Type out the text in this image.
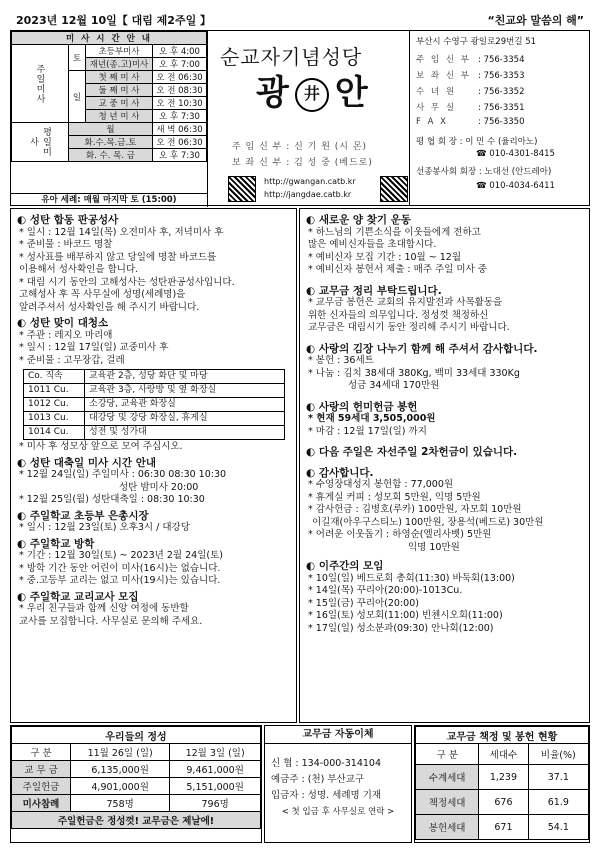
2023년 12월 10일【 대림 제2주일 】	“친교와 말씀의 해”
미 사 시 간 안 내			
주일미사	토	초등부미사	오 후 4:00
		재년(종.고)미사	오 후 7:00
	일	첫 째 미 사	오 전 06:30
		둘 째 미 사	오 전 08:30
		교 중 미 사	오 전 10:30
		청 년 미 사	오 후 7:30
평일미사	월		새 벽 06:30
	화.수.목.금.토		오 전 06:30
	화. 수. 목. 금		오 후 7:30
유아 세례: 매월 마지막 토 (15:00)
순교자기념성당
광 井 안
주 임 신 부 : 신 기 원 (시 몬)
보 좌 신 부 : 김 성 중 (베드로)
http://gwangan.catb.kr
http://jangdae.catb.kr
부산시 수영구 광일로29번길 51
주 임 신 부 : 756-3354
보 좌 신 부 : 756-3353
수 녀 원	: 756-3352
사 무 실	: 756-3351
F A X	: 756-3350
평 협 회 장 : 이 민 수 (율리아노)
☎ 010-4301-8415
선종봉사회 회장 : 노대선 (안드레아)
☎ 010-4034-6411
◐ 성탄 합동 판공성사
* 일시 : 12월 14일(목) 오전미사 후, 저녁미사 후
* 준비물 : 바코드 명찰
* 성사표를 배부하지 않고 당일에 명찰 바코드를
이용해서 성사확인을 합니다.
* 대림 시기 동안의 고해성사는 성탄판공성사입니다.
고해성사 후 꼭 사무실에 성명(세례명)을
알려주셔서 성사확인을 해 주시기 바랍니다.
◐ 성탄 맞이 대청소
* 주관 : 레지오 마리애
* 일시 : 12월 17일(일) 교중미사 후
* 준비물 : 고무장갑, 걸레
Co. 직속	교육관 2층, 성당 화단 및 마당
1011 Cu.	교육관 3층, 사랑방 및 옆 화장실
1012 Cu.	소강당, 교육관 화장실
1013 Cu.	대강당 및 강당 화장실, 휴게실
1014 Cu.	성전 및 성가대
* 미사 후 성모상 앞으로 모여 주십시오.
◐ 성탄 대축일 미사 시간 안내
* 12월 24일(일) 주일미사 : 06:30 08:30 10:30
성탄 밤미사 20:00
* 12월 25일(월) 성탄대축일 : 08:30 10:30
◐ 주일학교 초등부 은총시장
* 일시 : 12월 23일(토) 오후3시 / 대강당
◐ 주일학교 방학
* 기간 : 12월 30일(토) ~ 2023년 2월 24일(토)
* 방학 기간 동안 어린이 미사(16시)는 없습니다.
* 중.고등부 교리는 없고 미사(19시)는 있습니다.
◐ 주일학교 교리교사 모집
* 우리 친구들과 함께 신앙 여정에 동반할
교사를 모집합니다. 사무실로 문의해 주세요.
◐ 새로운 양 찾기 운동
* 하느님의 기쁜소식을 이웃들에게 전하고
많은 예비신자들을 초대합시다.
* 예비신자 모집 기간 : 10월 ~ 12월
* 예비신자 봉헌서 제출 : 매주 주일 미사 중
◐ 교무금 정리 부탁드립니다.
* 교무금 봉헌은 교회의 유지발전과 사목활동을
위한 신자들의 의무입니다. 정성껏 책정하신
교무금은 대림시기 동안 정리해 주시기 바랍니다.
◐ 사랑의 김장 나누기 함께 해 주셔서 감사합니다.
* 봉헌 : 36세트
* 나눔 : 김치 38세대 380Kg, 백미 33세대 330Kg
성금 34세대 170만원
◐ 사랑의 헌미헌금 봉헌
* 현재 59세대 3,505,000원
* 마감 : 12월 17일(일) 까지
◐ 다음 주일은 자선주일 2차헌금이 있습니다.
◐ 감사합니다.
* 수영장대성지 봉헌함 : 77,000원
* 휴게실 커피 : 성모회 5만원, 익명 5만원
* 감사헌금 : 김병호(루카) 100만원, 자모회 10만원
이길재(아우구스티노) 100만원, 장용석(베드로) 30만원
* 어려운 이웃돕기 : 하영순(엘리사벳) 5만원
익명 10만원
◐ 이주간의 모임
* 10일(일) 베드로회 총회(11:30) 바둑회(13:00)
* 14일(목) 꾸리아(20:00)-1013Cu.
* 15일(금) 꾸리아(20:00)
* 16일(토) 성모회(11:00) 빈첸시오회(11:00)
* 17일(일) 성소분과(09:30) 안나회(12:00)
우리들의 정성		
구 분	11월 26일 (일)	12월 3일 (일)
교 무 금	6,135,000원	9,461,000원
주일헌금	4,901,000원	5,151,000원
미사참례	758명	796명
주일헌금은 정성껏! 교무금은 제날에!		
교무금 자동이체
신 협 : 134-000-314104
예금주 : (천) 부산교구
입금자 : 성명. 세례명 기재
< 첫 입금 후 사무실로 연락 >
교무금 책정 및 봉헌 현황		
구 분	세대수	비율(%)
수계세대	1,239	37.1
책정세대	676	61.9
봉헌세대	671	54.1
